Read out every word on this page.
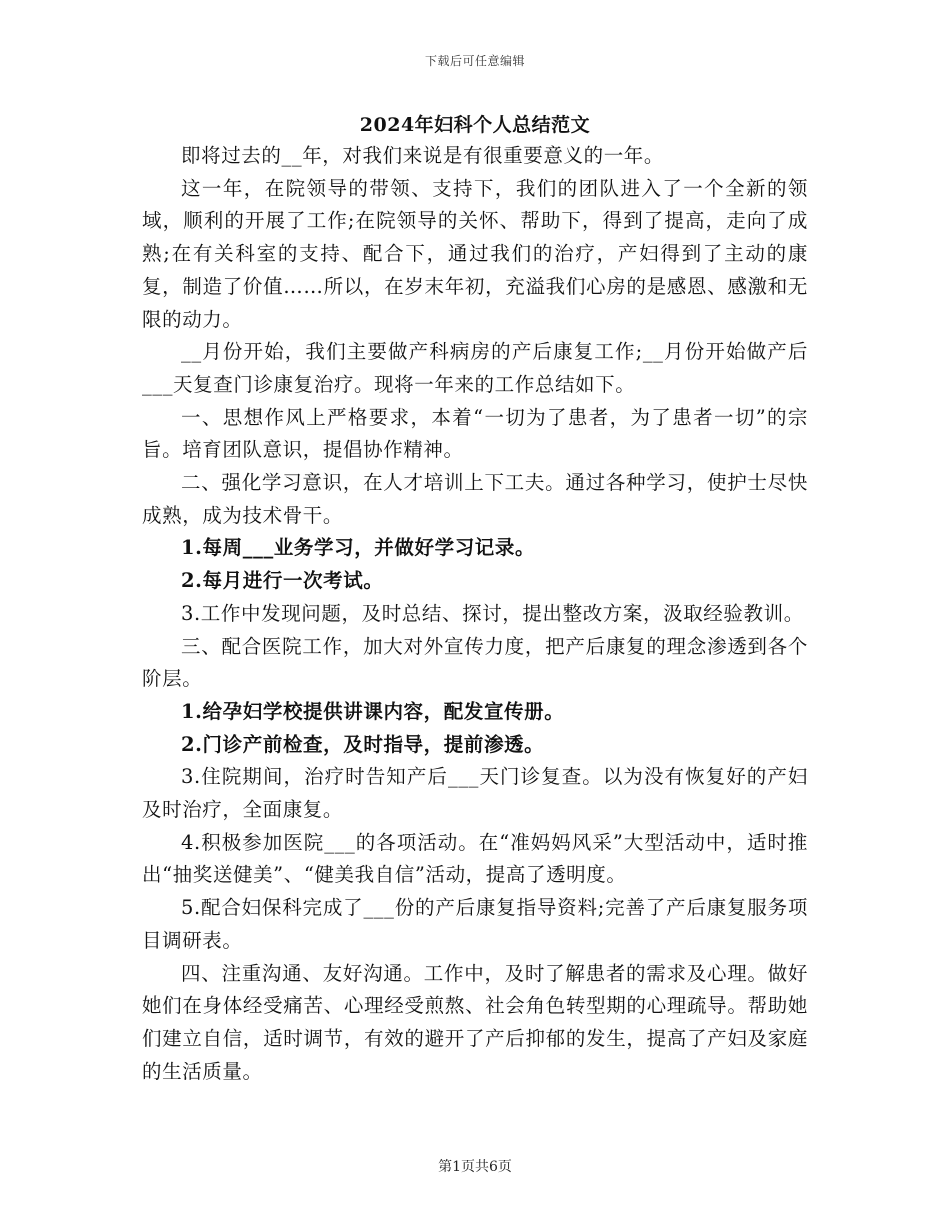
下载后可任意编辑
2024年妇科个人总结范文

即将过去的__年，对我们来说是有很重要意义的一年。

这一年，在院领导的带领、支持下，我们的团队进入了一个全新的领域，顺利的开展了工作;在院领导的关怀、帮助下，得到了提高，走向了成熟;在有关科室的支持、配合下，通过我们的治疗，产妇得到了主动的康复，制造了价值……所以，在岁末年初，充溢我们心房的是感恩、感激和无限的动力。

__月份开始，我们主要做产科病房的产后康复工作;__月份开始做产后___天复查门诊康复治疗。现将一年来的工作总结如下。

一、思想作风上严格要求，本着“一切为了患者，为了患者一切”的宗旨。培育团队意识，提倡协作精神。

二、强化学习意识，在人才培训上下工夫。通过各种学习，使护士尽快成熟，成为技术骨干。

1.每周___业务学习，并做好学习记录。

2.每月进行一次考试。

3.工作中发现问题，及时总结、探讨，提出整改方案，汲取经验教训。

三、配合医院工作，加大对外宣传力度，把产后康复的理念渗透到各个阶层。

1.给孕妇学校提供讲课内容，配发宣传册。

2.门诊产前检查，及时指导，提前渗透。

3.住院期间，治疗时告知产后___天门诊复查。以为没有恢复好的产妇及时治疗，全面康复。

4.积极参加医院___的各项活动。在“准妈妈风采”大型活动中，适时推出“抽奖送健美”、“健美我自信”活动，提高了透明度。

5.配合妇保科完成了___份的产后康复指导资料;完善了产后康复服务项目调研表。

四、注重沟通、友好沟通。工作中，及时了解患者的需求及心理。做好她们在身体经受痛苦、心理经受煎熬、社会角色转型期的心理疏导。帮助她们建立自信，适时调节，有效的避开了产后抑郁的发生，提高了产妇及家庭的生活质量。

第1页共6页
